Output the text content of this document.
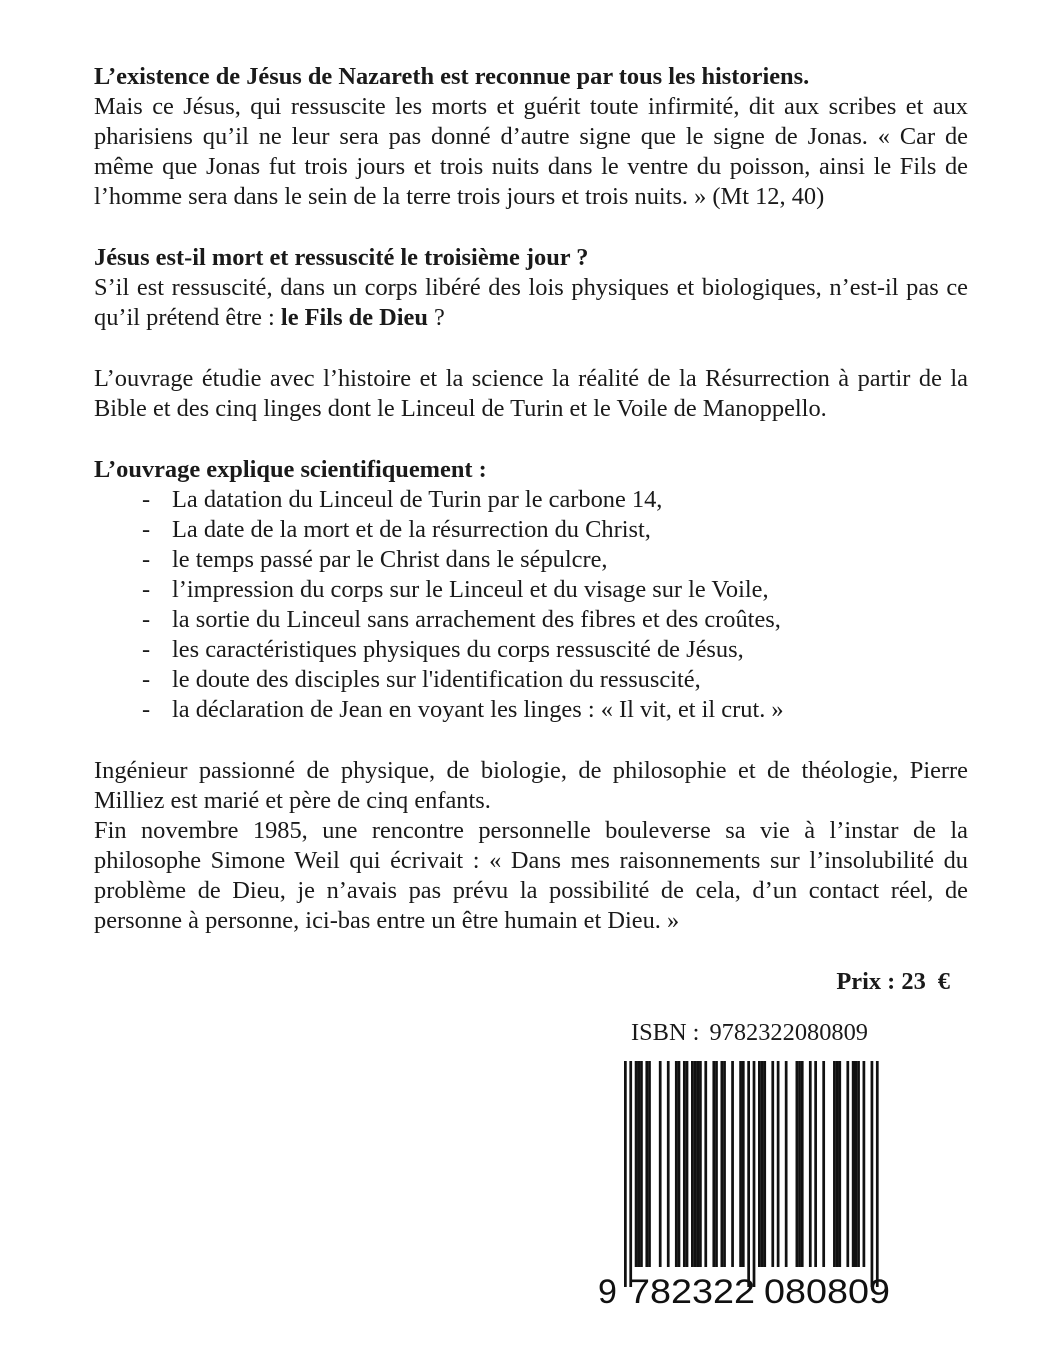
L’existence de Jésus de Nazareth est reconnue par tous les historiens.

Mais ce Jésus, qui ressuscite les morts et guérit toute infirmité, dit aux scribes et aux pharisiens qu’il ne leur sera pas donné d’autre signe que le signe de Jonas. « Car de même que Jonas fut trois jours et trois nuits dans le ventre du poisson, ainsi le Fils de l’homme sera dans le sein de la terre trois jours et trois nuits. » (Mt 12, 40)

Jésus est-il mort et ressuscité le troisième jour ?

S’il est ressuscité, dans un corps libéré des lois physiques et biologiques, n’est-il pas ce qu’il prétend être : le Fils de Dieu ?

L’ouvrage étudie avec l’histoire et la science la réalité de la Résurrection à partir de la Bible et des cinq linges dont le Linceul de Turin et le Voile de Manoppello.

L’ouvrage explique scientifiquement :

- La datation du Linceul de Turin par le carbone 14,
- La date de la mort et de la résurrection du Christ,
- le temps passé par le Christ dans le sépulcre,
- l’impression du corps sur le Linceul et du visage sur le Voile,
- la sortie du Linceul sans arrachement des fibres et des croûtes,
- les caractéristiques physiques du corps ressuscité de Jésus,
- le doute des disciples sur l'identification du ressuscité,
- la déclaration de Jean en voyant les linges : « Il vit, et il crut. »

Ingénieur passionné de physique, de biologie, de philosophie et de théologie, Pierre Milliez est marié et père de cinq enfants.

Fin novembre 1985, une rencontre personnelle bouleverse sa vie à l’instar de la philosophe Simone Weil qui écrivait : « Dans mes raisonnements sur l’insolubilité du problème de Dieu, je n’avais pas prévu la possibilité de cela, d’un contact réel, de personne à personne, ici-bas entre un être humain et Dieu. »

Prix : 23 €
ISBN : 9782322080809
9 782322 080809
